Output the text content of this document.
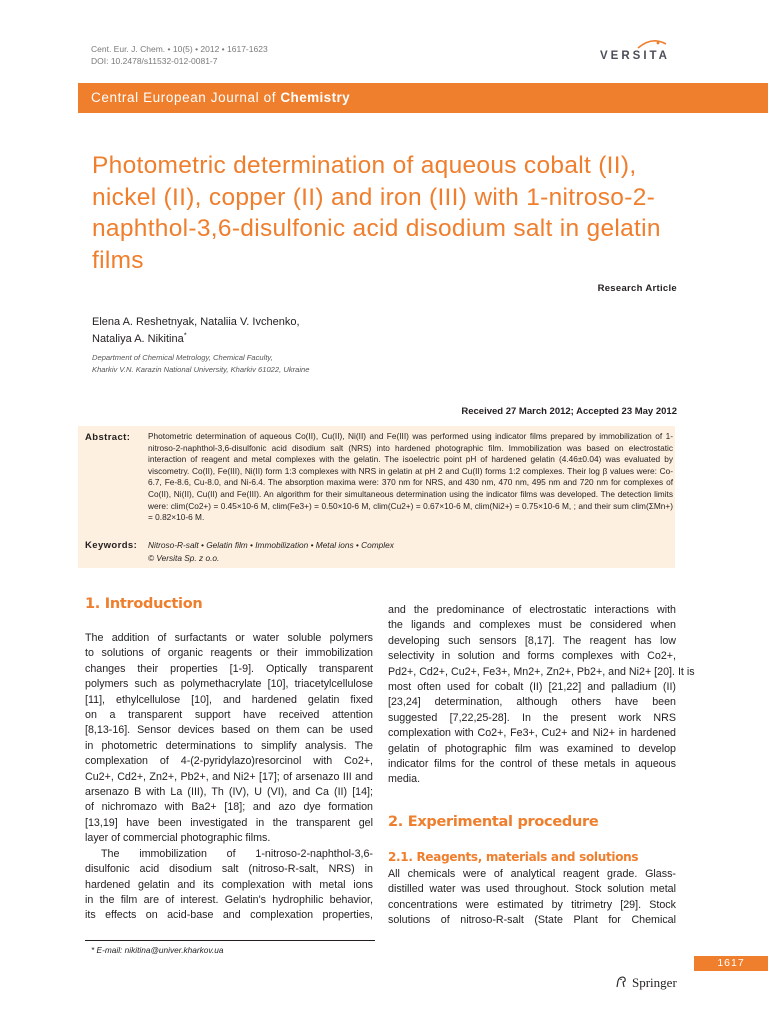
Cent. Eur. J. Chem. • 10(5) • 2012 • 1617-1623
DOI: 10.2478/s11532-012-0081-7	VERSITA
Central European Journal of Chemistry
Photometric determination of aqueous cobalt (II), nickel (II), copper (II) and iron (III) with 1-nitroso-2-naphthol-3,6-disulfonic acid disodium salt in gelatin films
Research Article
Elena A. Reshetnyak, Nataliia V. Ivchenko,
Nataliya A. Nikitina*
Department of Chemical Metrology, Chemical Faculty,
Kharkiv V.N. Karazin National University, Kharkiv 61022, Ukraine
Received 27 March 2012; Accepted 23 May 2012
Abstract: Photometric determination of aqueous Co(II), Cu(II), Ni(II) and Fe(III) was performed using indicator films prepared by immobilization of 1-nitroso-2-naphthol-3,6-disulfonic acid disodium salt (NRS) into hardened photographic film. Immobilization was based on electrostatic interaction of reagent and metal complexes with the gelatin. The isoelectric point pH of hardened gelatin (4.46±0.04) was evaluated by viscometry. Co(II), Fe(III), Ni(II) form 1:3 complexes with NRS in gelatin at pH 2 and Cu(II) forms 1:2 complexes. Their log β values were: Co-6.7, Fe-8.6, Cu-8.0, and Ni-6.4. The absorption maxima were: 370 nm for NRS, and 430 nm, 470 nm, 495 nm and 720 nm for complexes of Co(II), Ni(II), Cu(II) and Fe(III). An algorithm for their simultaneous determination using the indicator films was developed. The detection limits were: clim(Co2+) = 0.45×10-6 M, clim(Fe3+) = 0.50×10-6 M, clim(Cu2+) = 0.67×10-6 M, clim(Ni2+) = 0.75×10-6 M, ; and their sum clim(ΣMn+) = 0.82×10-6 M.
Keywords: Nitroso-R-salt • Gelatin film • Immobilization • Metal ions • Complex
© Versita Sp. z o.o.
1. Introduction
The addition of surfactants or water soluble polymers
to solutions of organic reagents or their immobilization
changes their properties [1-9]. Optically transparent
polymers such as polymethacrylate [10], triacetylcellulose
[11], ethylcellulose [10], and hardened gelatin fixed
on a transparent support have received attention
[8,13-16]. Sensor devices based on them can be used
in photometric determinations to simplify analysis. The
complexation of 4-(2-pyridylazo)resorcinol with Co2+,
Cu2+, Cd2+, Zn2+, Pb2+, and Ni2+ [17]; of arsenazo III and
arsenazo B with La (III), Th (IV), U (VI), and Ca (II) [14];
of nichromazo with Ba2+ [18]; and azo dye formation
[13,19] have been investigated in the transparent gel
layer of commercial photographic films.
The immobilization of 1-nitroso-2-naphthol-3,6-
disulfonic acid disodium salt (nitroso-R-salt, NRS) in
hardened gelatin and its complexation with metal ions
in the film are of interest. Gelatin's hydrophilic behavior,
its effects on acid-base and complexation properties,
and the predominance of electrostatic interactions with
the ligands and complexes must be considered when
developing such sensors [8,17]. The reagent has low
selectivity in solution and forms complexes with Co2+,
Pd2+, Cd2+, Cu2+, Fe3+, Mn2+, Zn2+, Pb2+, and Ni2+ [20]. It is
most often used for cobalt (II) [21,22] and palladium (II)
[23,24] determination, although others have been
suggested [7,22,25-28]. In the present work NRS
complexation with Co2+, Fe3+, Cu2+ and Ni2+ in hardened
gelatin of photographic film was examined to develop
indicator films for the control of these metals in aqueous
media.
2. Experimental procedure
2.1. Reagents, materials and solutions
All chemicals were of analytical reagent grade. Glass-
distilled water was used throughout. Stock solution metal
concentrations were estimated by titrimetry [29]. Stock
solutions of nitroso-R-salt (State Plant for Chemical
* E-mail: nikitina@univer.kharkov.ua
1617
Springer
